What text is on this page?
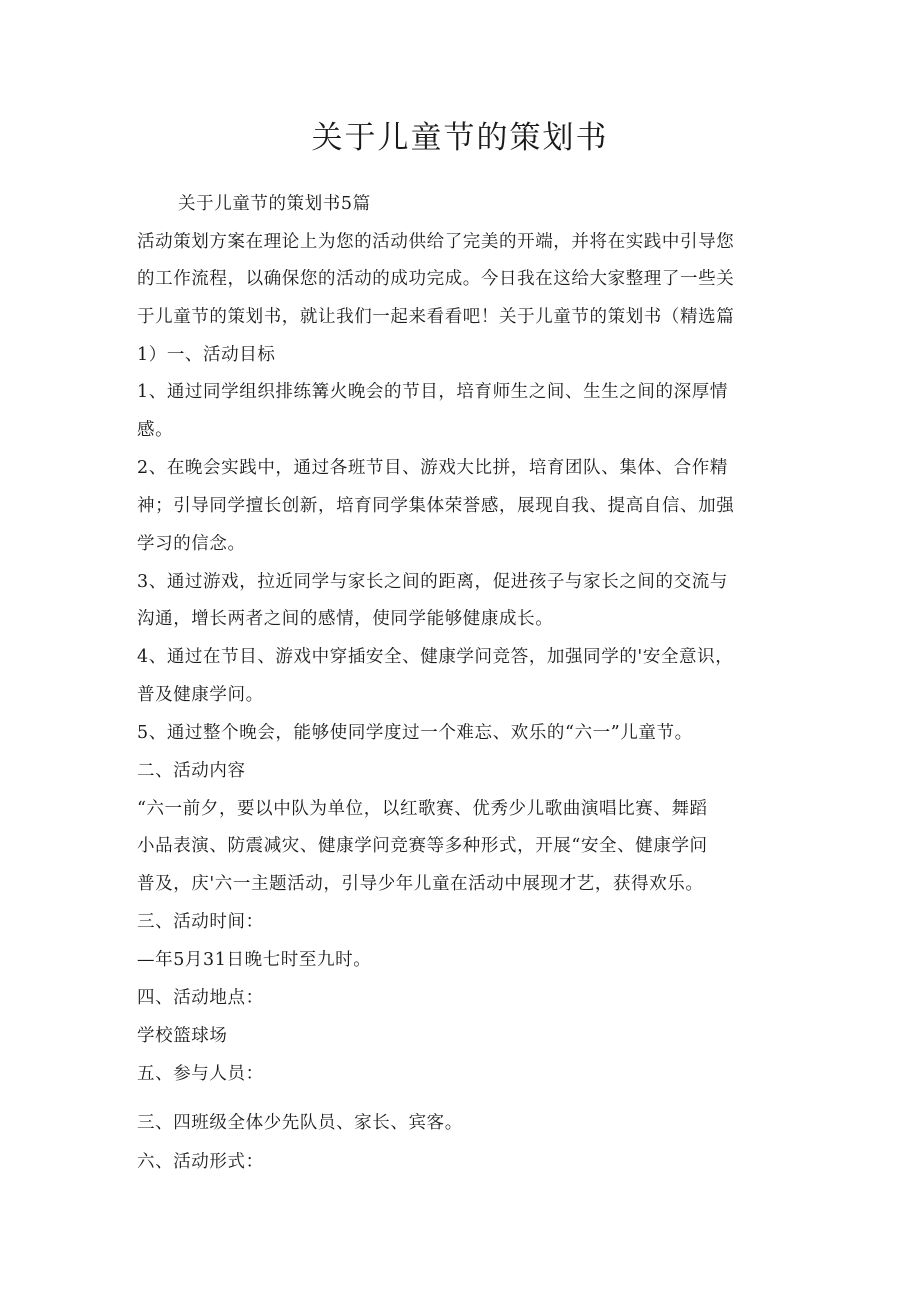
关于儿童节的策划书
关于儿童节的策划书5篇
活动策划方案在理论上为您的活动供给了完美的开端，并将在实践中引导您
的工作流程，以确保您的活动的成功完成。今日我在这给大家整理了一些关
于儿童节的策划书，就让我们一起来看看吧！关于儿童节的策划书（精选篇
1）一、活动目标
1、通过同学组织排练篝火晚会的节目，培育师生之间、生生之间的深厚情
感。
2、在晚会实践中，通过各班节目、游戏大比拼，培育团队、集体、合作精
神；引导同学擅长创新，培育同学集体荣誉感，展现自我、提高自信、加强
学习的信念。
3、通过游戏，拉近同学与家长之间的距离，促进孩子与家长之间的交流与
沟通，增长两者之间的感情，使同学能够健康成长。
4、通过在节目、游戏中穿插安全、健康学问竞答，加强同学的'安全意识，
普及健康学问。
5、通过整个晚会，能够使同学度过一个难忘、欢乐的“六一”儿童节。
二、活动内容
“六一前夕，要以中队为单位，以红歌赛、优秀少儿歌曲演唱比赛、舞蹈
小品表演、防震减灾、健康学问竞赛等多种形式，开展“安全、健康学问
普及，庆'六一主题活动，引导少年儿童在活动中展现才艺，获得欢乐。
三、活动时间：
—年5月31日晚七时至九时。
四、活动地点：
学校篮球场
五、参与人员：
三、四班级全体少先队员、家长、宾客。
六、活动形式：
